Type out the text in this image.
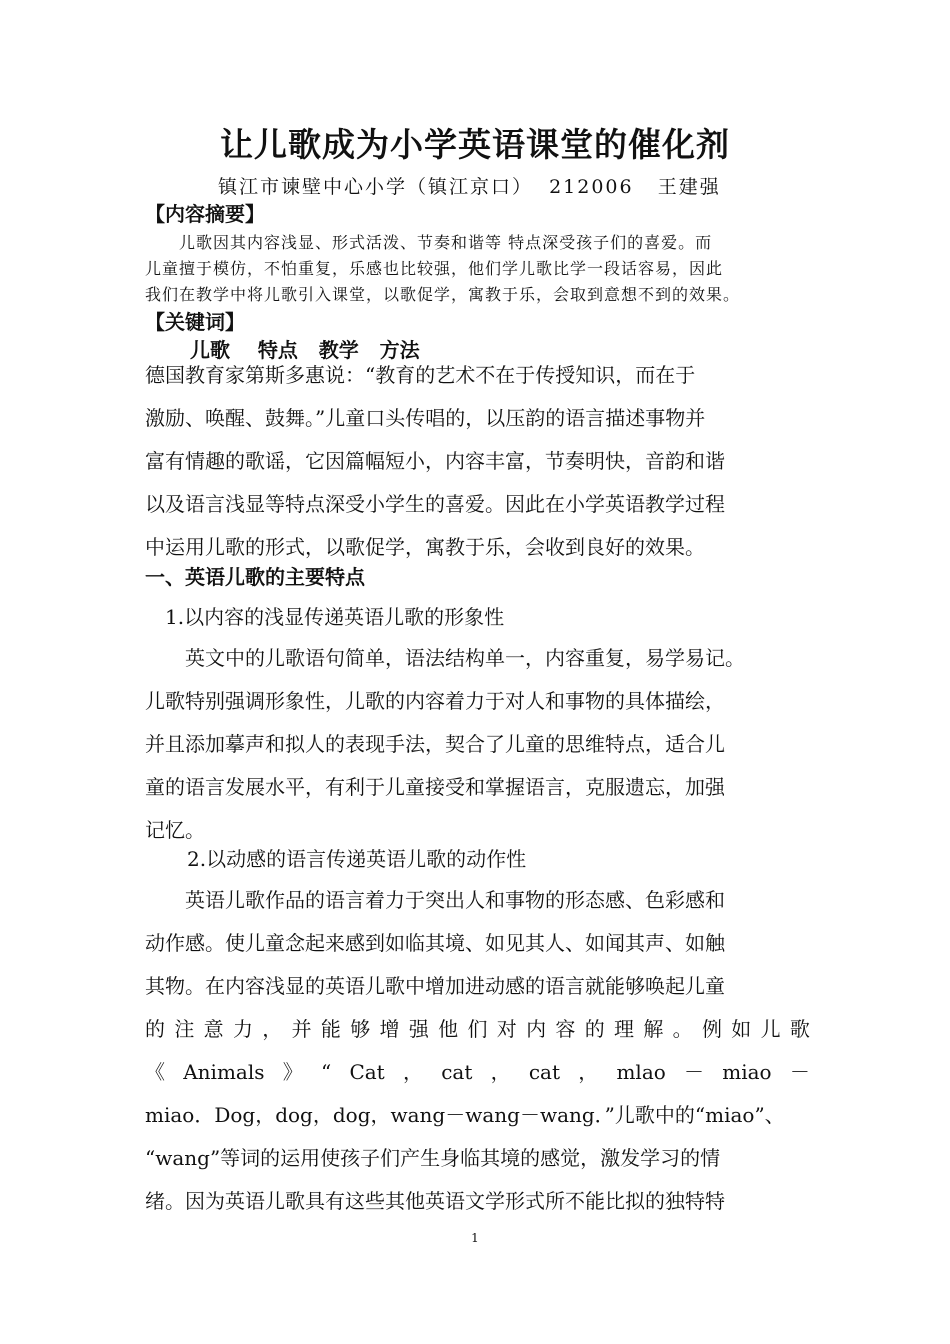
让儿歌成为小学英语课堂的催化剂
镇江市谏壁中心小学（镇江京口）  212006   王建强
【内容摘要】
　　儿歌因其内容浅显、形式活泼、节奏和谐等 特点深受孩子们的喜爱。而
儿童擅于模仿，不怕重复，乐感也比较强，他们学儿歌比学一段话容易，因此
我们在教学中将儿歌引入课堂，以歌促学，寓教于乐，会取到意想不到的效果。
【关键词】
儿歌    特点   教学   方法
德国教育家第斯多惠说：“教育的艺术不在于传授知识，而在于
激励、唤醒、鼓舞。”儿童口头传唱的，以压韵的语言描述事物并
富有情趣的歌谣，它因篇幅短小，内容丰富，节奏明快，音韵和谐
以及语言浅显等特点深受小学生的喜爱。因此在小学英语教学过程
中运用儿歌的形式，以歌促学，寓教于乐，会收到良好的效果。
一、英语儿歌的主要特点
1.以内容的浅显传递英语儿歌的形象性
　　英文中的儿歌语句简单，语法结构单一，内容重复，易学易记。
儿歌特别强调形象性，儿歌的内容着力于对人和事物的具体描绘，
并且添加摹声和拟人的表现手法，契合了儿童的思维特点，适合儿
童的语言发展水平，有利于儿童接受和掌握语言，克服遗忘，加强
记忆。
2.以动感的语言传递英语儿歌的动作性
　　英语儿歌作品的语言着力于突出人和事物的形态感、色彩感和
动作感。使儿童念起来感到如临其境、如见其人、如闻其声、如触
其物。在内容浅显的英语儿歌中增加进动感的语言就能够唤起儿童
的 注 意 力 ， 并 能 够 增 强 他 们 对 内 容 的 理 解 。 例 如 儿 歌
《 Animals 》 “ Cat ， cat ， cat ， mlao － miao －
miao．Dog，dog，dog，wang－wang－wang．”儿歌中的“miao”、
“wang”等词的运用使孩子们产生身临其境的感觉，激发学习的情
绪。因为英语儿歌具有这些其他英语文学形式所不能比拟的独特特
1
